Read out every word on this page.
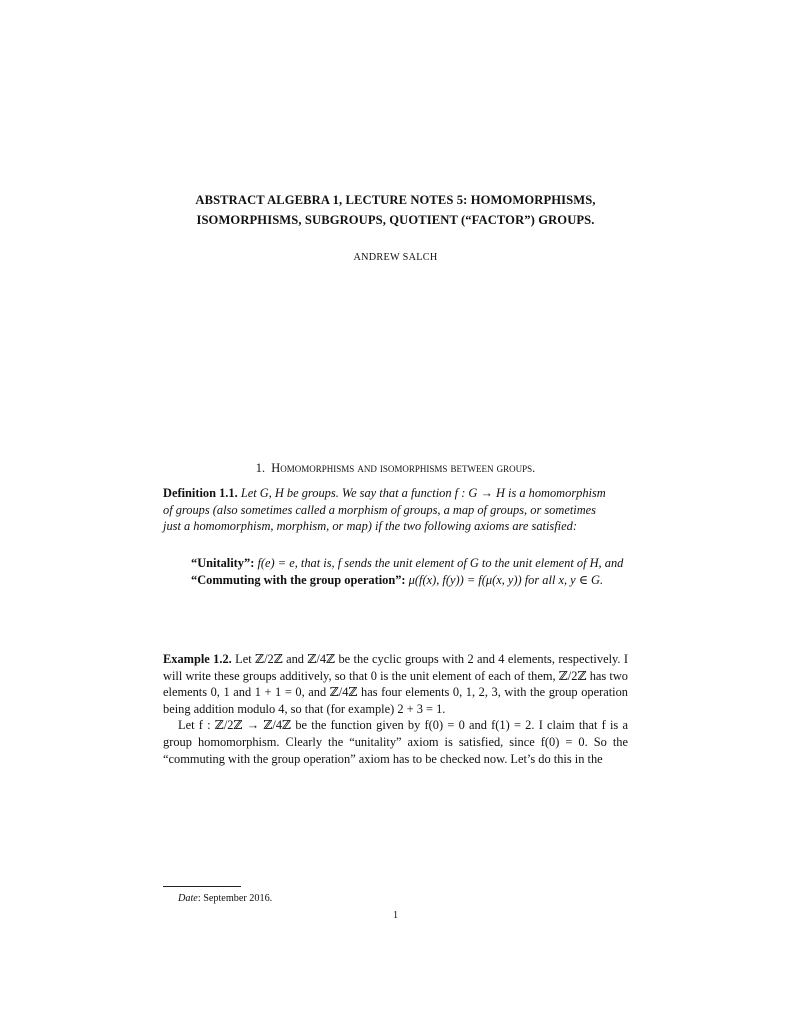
ABSTRACT ALGEBRA 1, LECTURE NOTES 5: HOMOMORPHISMS,
ISOMORPHISMS, SUBGROUPS, QUOTIENT (“FACTOR”) GROUPS.
ANDREW SALCH
1. Homomorphisms and isomorphisms between groups.
Definition 1.1. Let G, H be groups. We say that a function f : G → H is a homomorphism
of groups (also sometimes called a morphism of groups, a map of groups, or sometimes
just a homomorphism, morphism, or map) if the two following axioms are satisfied:
“Unitality”: f(e) = e, that is, f sends the unit element of G to the unit element of H, and
“Commuting with the group operation”: μ(f(x), f(y)) = f(μ(x, y)) for all x, y ∈ G.

Example 1.2. Let ℤ/2ℤ and ℤ/4ℤ be the cyclic groups with 2 and 4 elements, respectively. I will write these groups additively, so that 0 is the unit element of each of them, ℤ/2ℤ has two elements 0, 1 and 1 + 1 = 0, and ℤ/4ℤ has four elements 0, 1, 2, 3, with the group operation being addition modulo 4, so that (for example) 2 + 3 = 1.

Let f : ℤ/2ℤ → ℤ/4ℤ be the function given by f(0) = 0 and f(1) = 2. I claim that f is a group homomorphism. Clearly the “unitality” axiom is satisfied, since f(0) = 0. So the “commuting with the group operation” axiom has to be checked now. Let’s do this in the

Date: September 2016.
1
